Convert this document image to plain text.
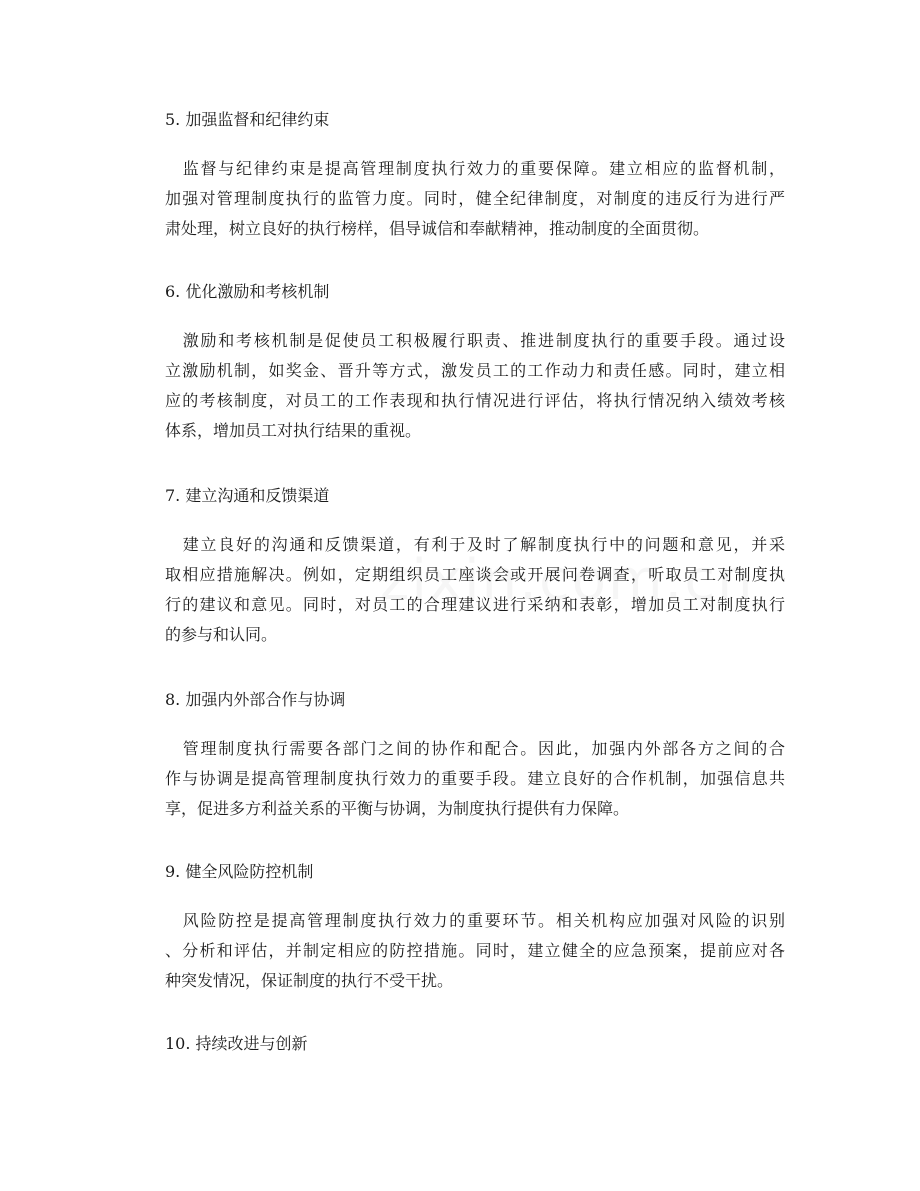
5. 加强监督和纪律约束
　监督与纪律约束是提高管理制度执行效力的重要保障。建立相应的监督机制，
加强对管理制度执行的监管力度。同时，健全纪律制度，对制度的违反行为进行严
肃处理，树立良好的执行榜样，倡导诚信和奉献精神，推动制度的全面贯彻。
6. 优化激励和考核机制
　激励和考核机制是促使员工积极履行职责、推进制度执行的重要手段。通过设
立激励机制，如奖金、晋升等方式，激发员工的工作动力和责任感。同时，建立相
应的考核制度，对员工的工作表现和执行情况进行评估，将执行情况纳入绩效考核
体系，增加员工对执行结果的重视。
7. 建立沟通和反馈渠道
　建立良好的沟通和反馈渠道，有利于及时了解制度执行中的问题和意见，并采
取相应措施解决。例如，定期组织员工座谈会或开展问卷调查，听取员工对制度执
行的建议和意见。同时，对员工的合理建议进行采纳和表彰，增加员工对制度执行
的参与和认同。
8. 加强内外部合作与协调
　管理制度执行需要各部门之间的协作和配合。因此，加强内外部各方之间的合
作与协调是提高管理制度执行效力的重要手段。建立良好的合作机制，加强信息共
享，促进多方利益关系的平衡与协调，为制度执行提供有力保障。
9. 健全风险防控机制
　风险防控是提高管理制度执行效力的重要环节。相关机构应加强对风险的识别
、分析和评估，并制定相应的防控措施。同时，建立健全的应急预案，提前应对各
种突发情况，保证制度的执行不受干扰。
10. 持续改进与创新
